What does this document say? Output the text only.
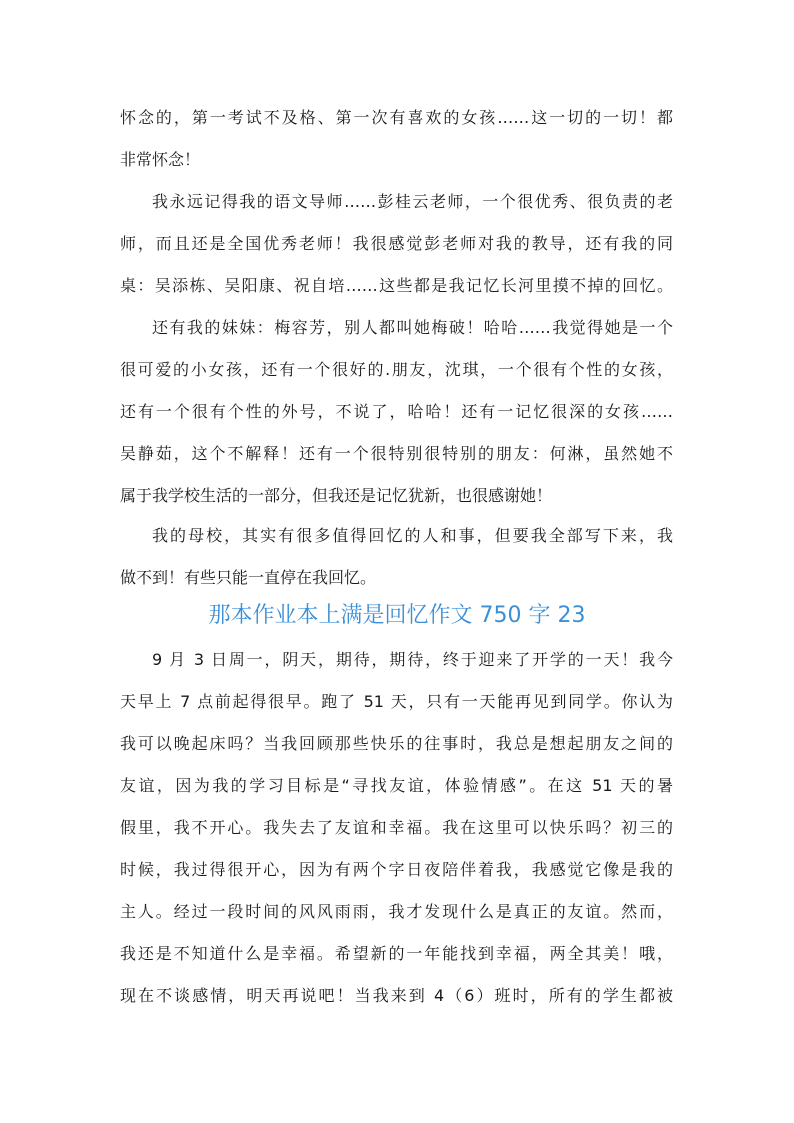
怀念的，第一考试不及格、第一次有喜欢的女孩……这一切的一切！都
非常怀念！
我永远记得我的语文导师……彭桂云老师，一个很优秀、很负责的老
师，而且还是全国优秀老师！我很感觉彭老师对我的教导，还有我的同
桌：吴添栋、吴阳康、祝自培……这些都是我记忆长河里摸不掉的回忆。
还有我的妹妹：梅容芳，别人都叫她梅破！哈哈……我觉得她是一个
很可爱的小女孩，还有一个很好的.朋友，沈琪，一个很有个性的女孩，
还有一个很有个性的外号，不说了，哈哈！还有一记忆很深的女孩……
吴静茹，这个不解释！还有一个很特别很特别的朋友：何淋，虽然她不
属于我学校生活的一部分，但我还是记忆犹新，也很感谢她！
我的母校，其实有很多值得回忆的人和事，但要我全部写下来，我
做不到！有些只能一直停在我回忆。
那本作业本上满是回忆作文 750 字 23
9 月 3 日周一，阴天，期待，期待，终于迎来了开学的一天！我今
天早上 7 点前起得很早。跑了 51 天，只有一天能再见到同学。你认为
我可以晚起床吗？当我回顾那些快乐的往事时，我总是想起朋友之间的
友谊，因为我的学习目标是“寻找友谊，体验情感”。在这 51 天的暑
假里，我不开心。我失去了友谊和幸福。我在这里可以快乐吗？初三的
时候，我过得很开心，因为有两个字日夜陪伴着我，我感觉它像是我的
主人。经过一段时间的风风雨雨，我才发现什么是真正的友谊。然而，
我还是不知道什么是幸福。希望新的一年能找到幸福，两全其美！哦，
现在不谈感情，明天再说吧！当我来到 4（6）班时，所有的学生都被
